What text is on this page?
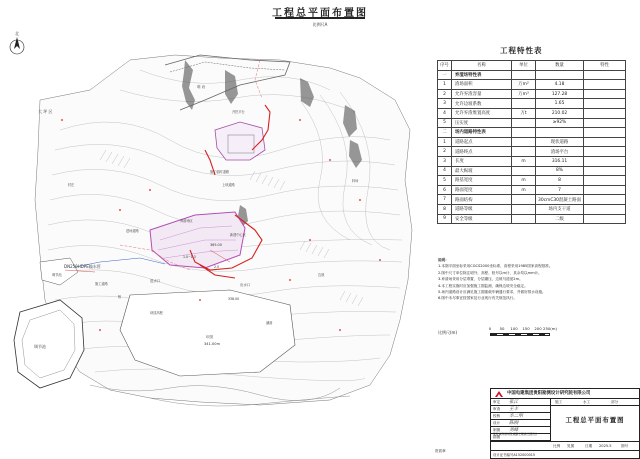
工程总平面布置图
比例尺A
北
堆 岩
大 坪 区
施工临时道路
上坝道路
进场道路
弃渣场区
新建中心区
DN250HDPE输水管
365.00
1.0~1.3
2.5
进水口
出水口
调节池
调节池
坝顶
341.00m
338.00
施工道路
村庄
料场
边坡
桥
涵洞
开挖平台
坝顶高程
工程特性表
序号	名称	单位	数量	特性
一	弃渣场特性表			
1	渣场面积	万m²	4.18	
2	允许弃渣容量	万m³	127.28	
3	允许边坡系数		1.65	
4	允许弃渣堆置高度	万t	210.02	
5	压实度		≥92%	
二	场内道路特性表			
1	道路起点		现状道路	
2	道路终点		渣场平台	
3	长度	m	316.11	
4	最大纵坡		8%	
5	路基宽度	m	8	
6	路面宽度	m	7	
7	路面结构		30cmC30混凝土路面	
8	道路等级		场内支干道	
9	安全等级		二级	
说明：
1.本图平面坐标采用CGCS2000坐标系，高程采用1985国家高程基准。
2.图中尺寸单位除注明外，高程、桩号以m计，其余均以mm计。
3.弃渣场采用分层堆置、分层碾压，边坡马道宽2m。
4.本工程实施时应加强施工期监测，确保边坡安全稳定。
5.场内道路设计应满足施工期重载车辆通行要求，并做好排水设施。
6.图中未尽事宜按国家及行业现行有关规范执行。
比例尺(m)
0 50 100 150 200 250(m)
中国电建集团贵阳勘测设计研究院有限公司
审定	张江
审查	王丰
校核	李二明
设计	陈刚
制图	刘峰
描图
施工	水工	部分
工程总平面布置图
比例 见图	日期 2025.5	图号
设计证书编号A152000015
某区域弃渣场及道路工程施工图设计
资质章
